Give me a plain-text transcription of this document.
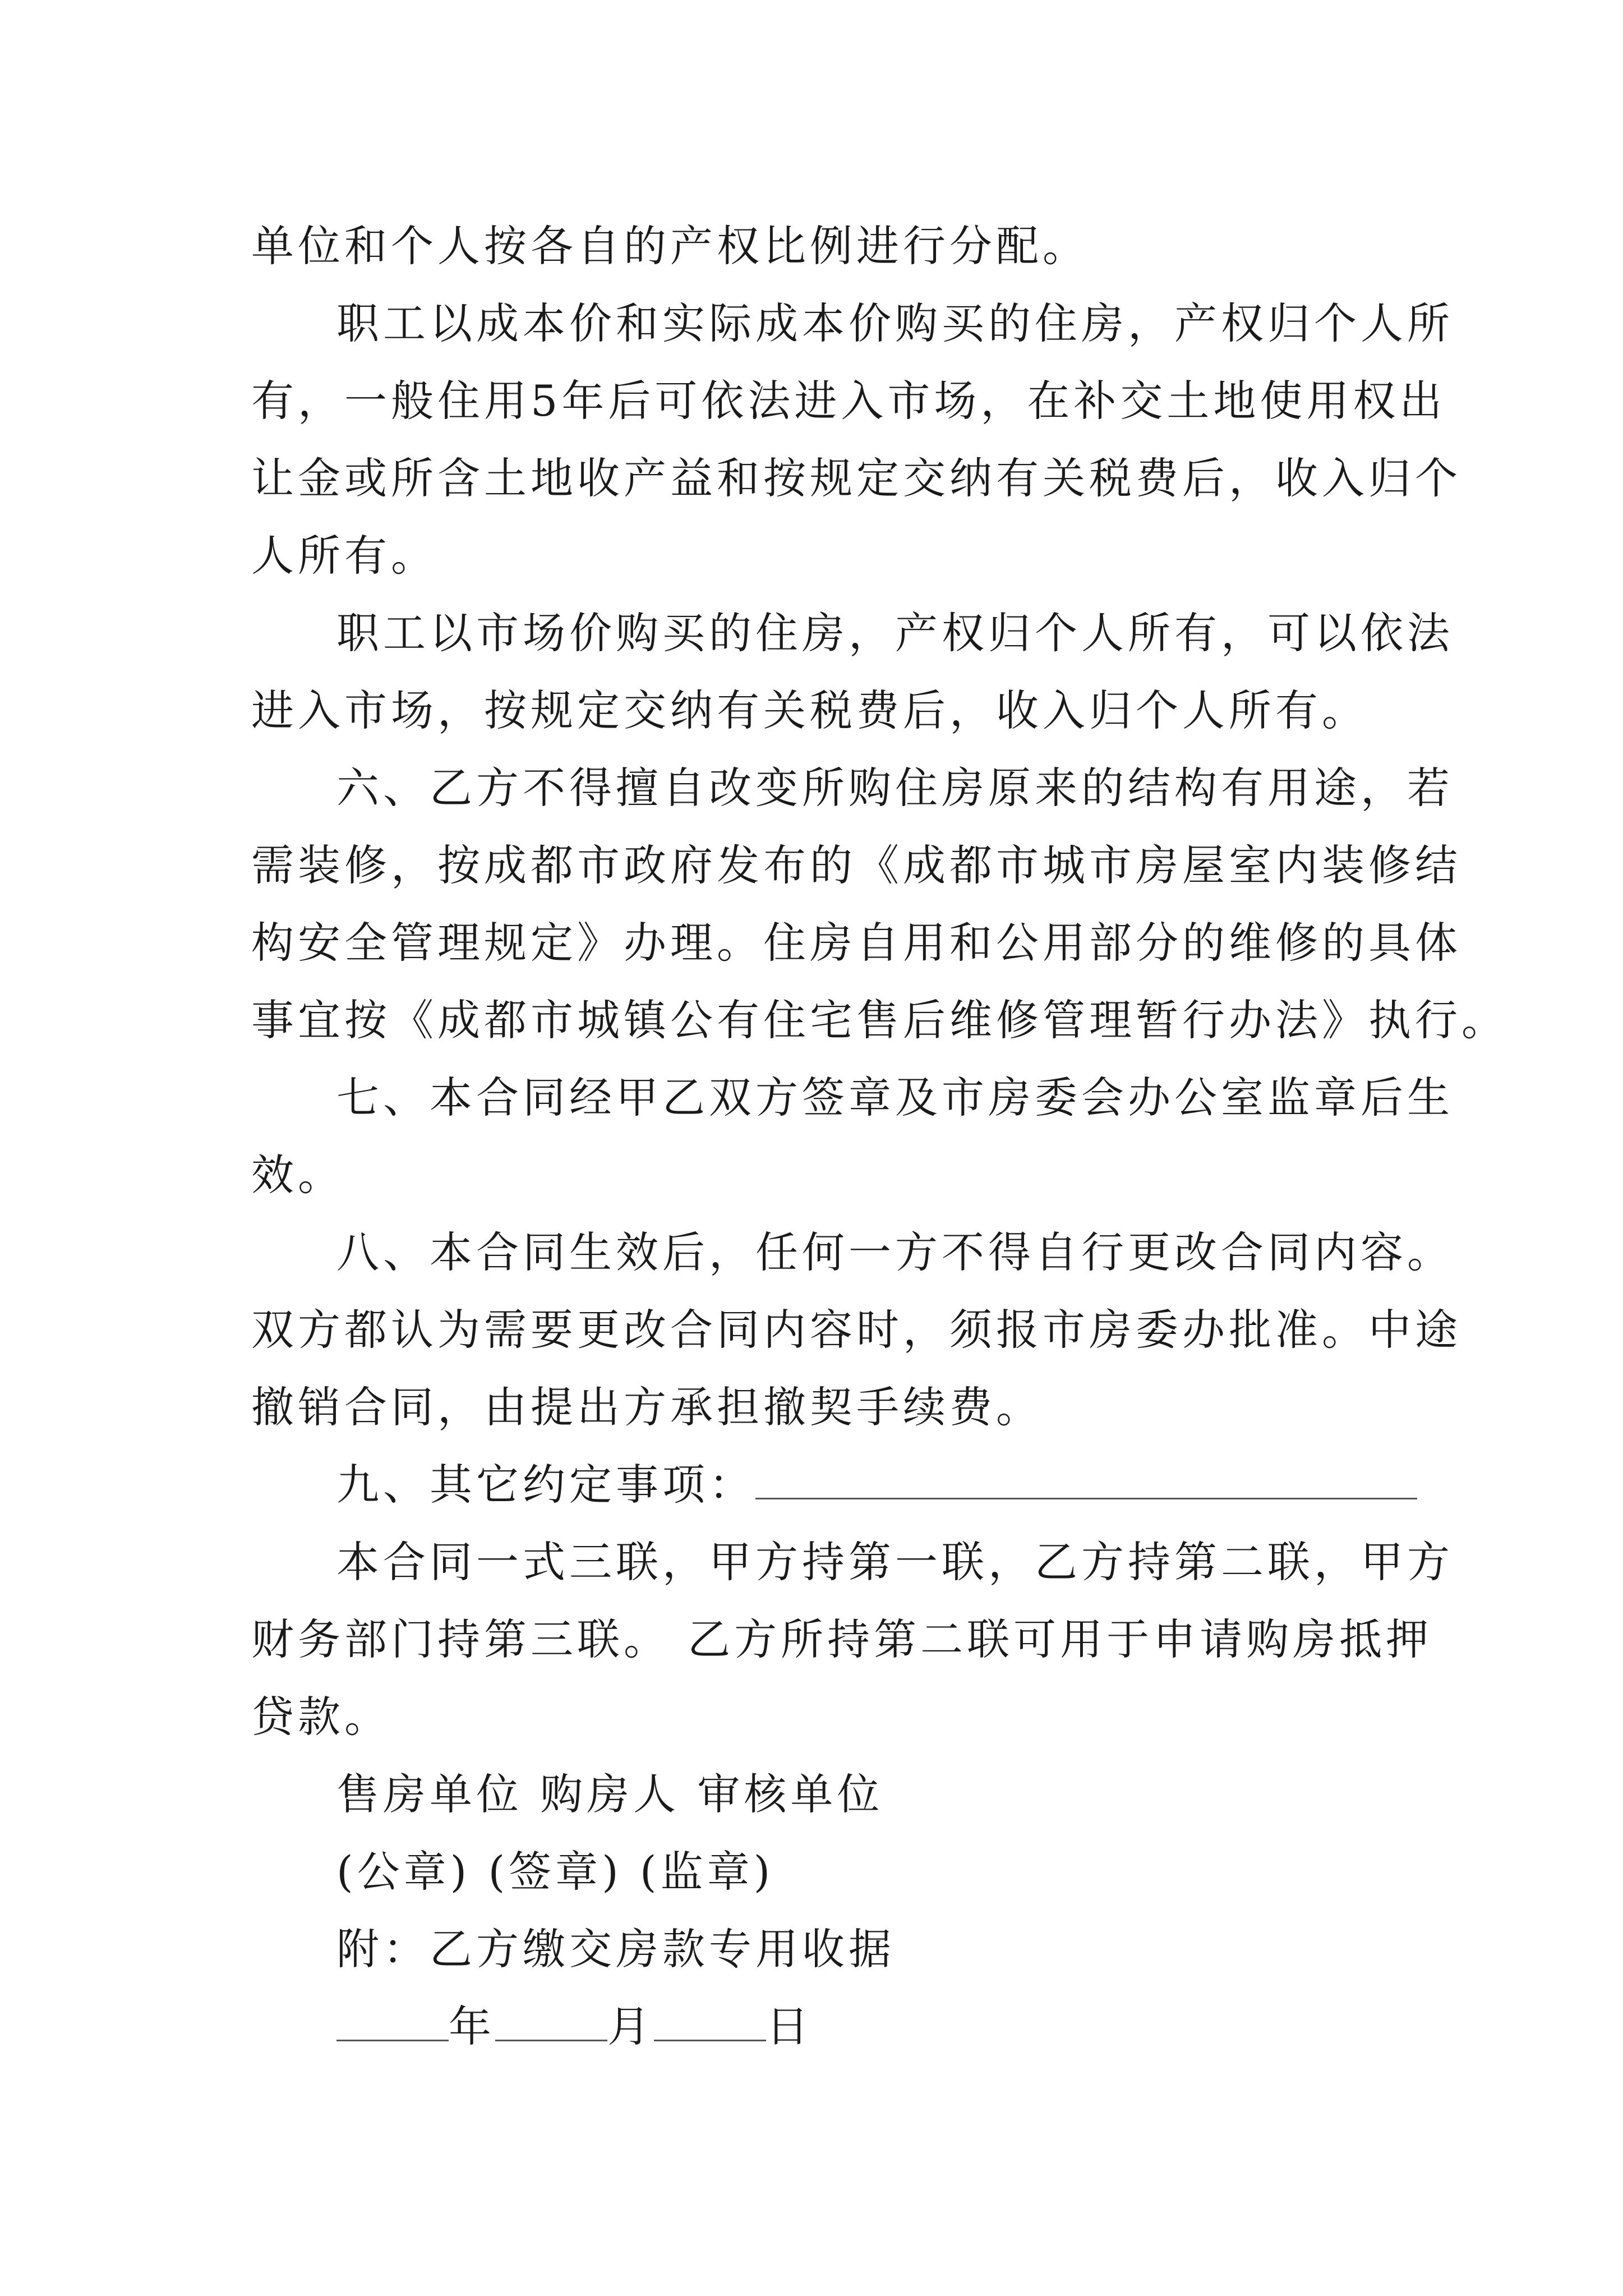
单位和个人按各自的产权比例进行分配。
职工以成本价和实际成本价购买的住房，产权归个人所
有，一般住用5年后可依法进入市场，在补交土地使用权出
让金或所含土地收产益和按规定交纳有关税费后，收入归个
人所有。
职工以市场价购买的住房，产权归个人所有，可以依法
进入市场，按规定交纳有关税费后，收入归个人所有。
六、乙方不得擅自改变所购住房原来的结构有用途，若
需装修，按成都市政府发布的《成都市城市房屋室内装修结
构安全管理规定》办理。住房自用和公用部分的维修的具体
事宜按《成都市城镇公有住宅售后维修管理暂行办法》执行。
七、本合同经甲乙双方签章及市房委会办公室监章后生
效。
八、本合同生效后，任何一方不得自行更改合同内容。
双方都认为需要更改合同内容时，须报市房委办批准。中途
撤销合同，由提出方承担撤契手续费。
九、其它约定事项：
本合同一式三联，甲方持第一联，乙方持第二联，甲方
财务部门持第三联。 乙方所持第二联可用于申请购房抵押
贷款。
售房单位 购房人 审核单位
(公章) (签章) (监章)
附：乙方缴交房款专用收据
年	月	日
